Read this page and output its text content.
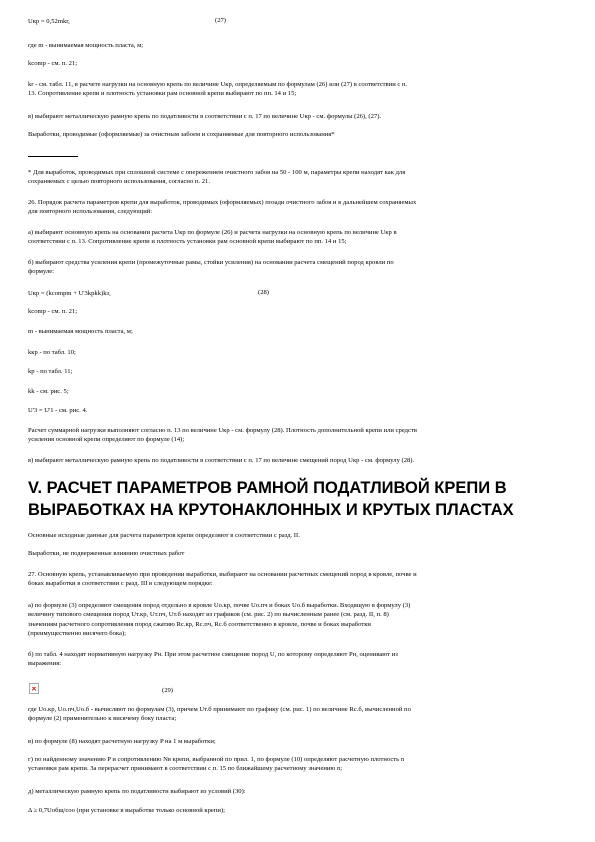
Uкр = 0,52mkr,	(27)
где m - вынимаемая мощность пласта, м;
kcomp - см. п. 21;
kr - см. табл. 11, в расчете нагрузки на основную крепь по величине Uкр, определяемым по формулам (26) или (27) в соответствии с п.
13. Сопротивление крепи и плотность установки рам основной крепи выбирают по пп. 14 и 15;
в) выбирают металлическую рамную крепь по податливости в соответствии с п. 17 по величине Uкр - см. формулы (26), (27).
Выработки, проводимые (оформляемые) за очистным забоем и сохраняемые для повторного использования*
* Для выработок, проводимых при сплошной системе с опережением очистного забоя на 50 - 100 м, параметры крепи находят как для
сохраняемых с целью повторного использования, согласно п. 21.
26. Порядок расчета параметров крепи для выработок, проводимых (оформляемых) позади очистного забоя и в дальнейшем сохраняемых
для повторного использования, следующий:
а) выбирают основную крепь на основании расчета Uкр по формуле (26) и расчета нагрузки на основную крепь по величине Uкр в
соответствии с п. 13. Сопротивление крепи и плотность установки рам основной крепи выбирают по пп. 14 и 15;
б) выбирают средства усиления крепи (промежуточные рамы, стойки усиления) на основании расчета смещений пород кровли по
формуле:
Uкр = (kcompm + U'3kрkk)kз,	(28)
kcomp - см. п. 21;
m - вынимаемая мощность пласта, м;
kкр - по табл. 10;
kр - по табл. 11;
kk - см. рис. 5;
U'3 = U'1 - см. рис. 4.
Расчет суммарной нагрузки выполняют согласно п. 13 по величине Uкр - см. формулу (28). Плотность дополнительной крепи или средств
усиления основной крепи определяют по формуле (14);
в) выбирают металлическую рамную крепь по податливости в соответствии с п. 17 по величине смещений пород Uкр - см. формулу (28).
V. РАСЧЕТ ПАРАМЕТРОВ РАМНОЙ ПОДАТЛИВОЙ КРЕПИ В
ВЫРАБОТКАХ НА КРУТОНАКЛОННЫХ И КРУТЫХ ПЛАСТАХ
Основные исходные данные для расчета параметров крепи определяют в соответствии с разд. II.
Выработки, не подверженные влиянию очистных работ
27. Основную крепь, устанавливаемую при проведении выработки, выбирают на основании расчетных смещений пород в кровле, почве и
боках выработки в соответствии с разд. III в следующем порядке:
а) по формуле (3) определяют смещения пород отдельно в кровле Uo.кр, почве Uo.пч и боках Uo.б выработки. Входящую в формулу (3)
величину типового смещения пород Uт.кр, Uт.пч, Uт.б находят из графиков (см. рис. 2) по вычисленным ранее (см. разд. II, п. 8)
значениям расчетного сопротивления пород сжатию Rc.кр, Rc.пч, Rc.б соответственно в кровле, почве и боках выработки
(преимущественно висячего бока);
б) по табл. 4 находят нормативную нагрузку Pн. При этом расчетное смещение пород U, по которому определяют Pн, оценивают из
выражения:
(29)
где Uo.кр, Uo.пч,Uo.б - вычисляют по формулам (3), причем Uт.б принимают по графику (см. рис. 1) по величине Rc.б, вычисленной по
формуле (2) применительно к висячему боку пласта;
в) по формуле (8) находят расчетную нагрузку P на 1 м выработки;
г) по найденному значению P и сопротивлению Nв крепи, выбранной по прил. 1, по формуле (10) определяют расчетную плотность n
установки рам крепи. За перерасчет принимают в соответствии с п. 15 по ближайшему расчетному значению n;
д) металлическую рамную крепь по податливости выбирают из условий (30):
Δ ≥ 0,7Uобщ/соо (при установке в выработке только основной крепи);
